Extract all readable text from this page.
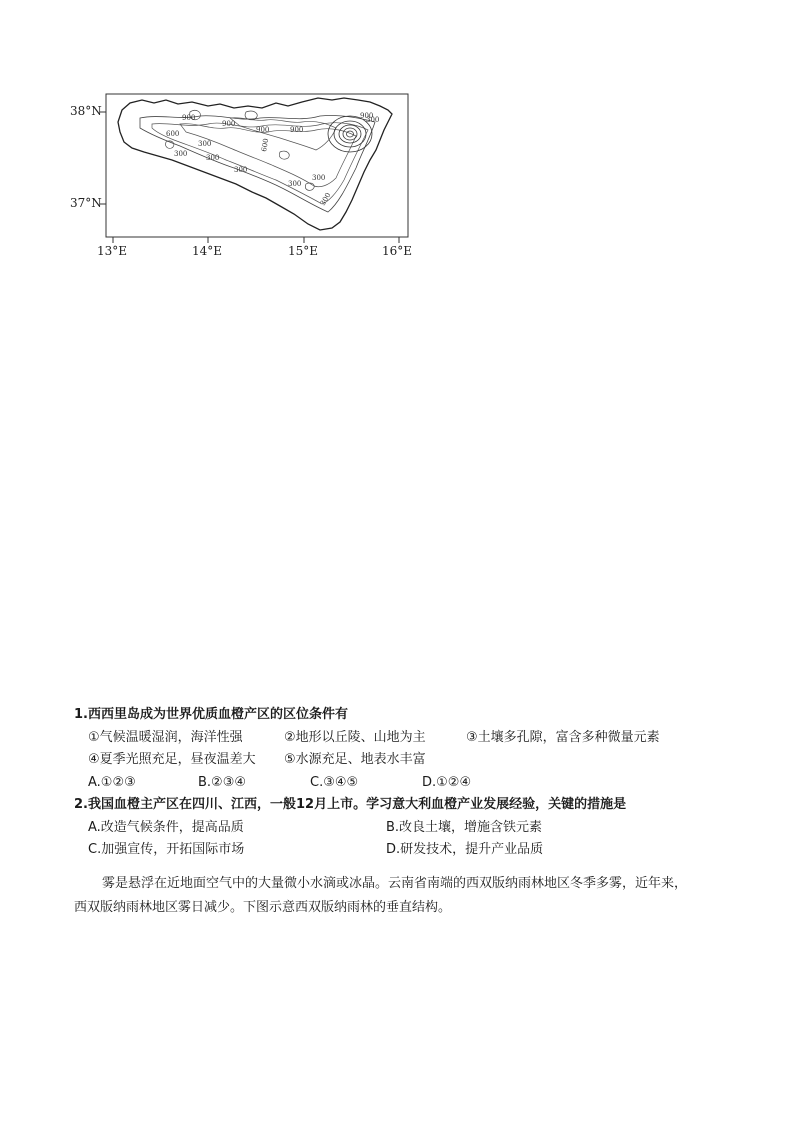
900
900
900
900
600
600
300
300	300
300
300
300
900
300
300
38°N
37°N
13°E	14°E	15°E	16°E
1.西西里岛成为世界优质血橙产区的区位条件有
①气候温暖湿润，海洋性强	②地形以丘陵、山地为主	③土壤多孔隙，富含多种微量元素
④夏季光照充足，昼夜温差大 ⑤水源充足、地表水丰富
A.①②③	B.②③④	C.③④⑤	D.①②④
2.我国血橙主产区在四川、江西，一般12月上市。学习意大利血橙产业发展经验，关键的措施是
A.改造气候条件，提高品质	B.改良土壤，增施含铁元素
C.加强宣传，开拓国际市场	D.研发技术，提升产业品质

雾是悬浮在近地面空气中的大量微小水滴或冰晶。云南省南端的西双版纳雨林地区冬季多雾，近年来，

西双版纳雨林地区雾日减少。下图示意西双版纳雨林的垂直结构。
